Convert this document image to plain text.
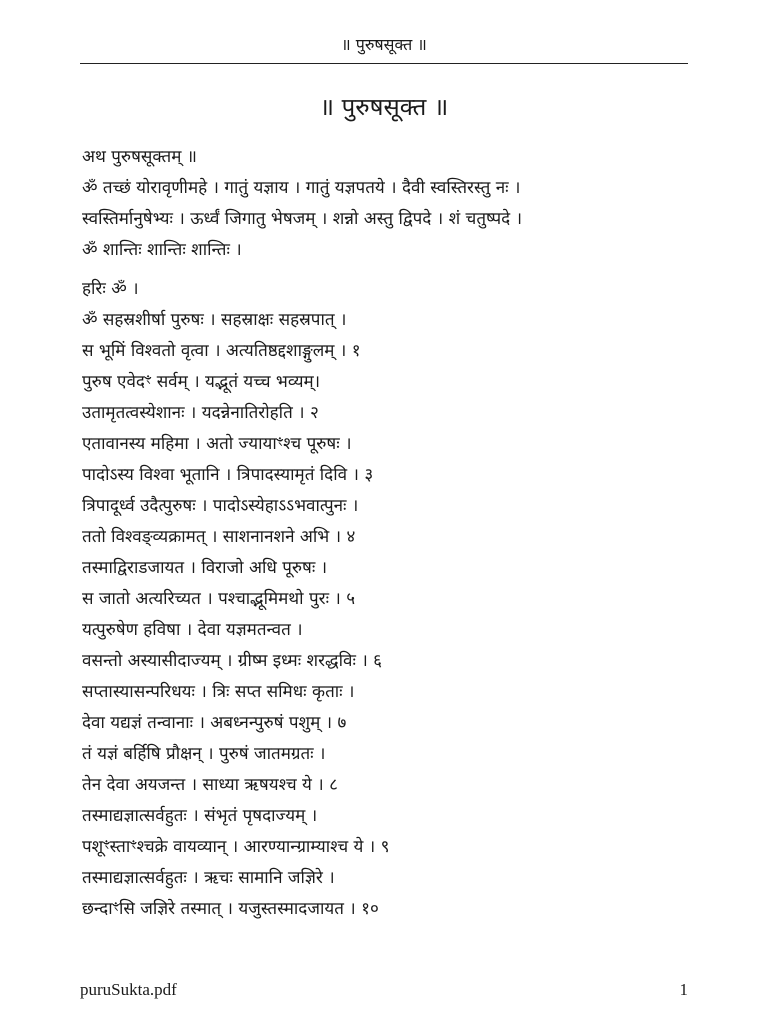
॥ पुरुषसूक्त ॥
॥ पुरुषसूक्त ॥
अथ पुरुषसूक्तम् ॥
ॐ तच्छं योरावृणीमहे । गातुं यज्ञाय । गातुं यज्ञपतये । दैवी स्वस्तिरस्तु नः ।
स्वस्तिर्मानुषेभ्यः । ऊर्ध्वं जिगातु भेषजम् । शन्नो अस्तु द्विपदे । शं चतुष्पदे ।
ॐ शान्तिः शान्तिः शान्तिः ।
हरिः ॐ ।
ॐ सहस्रशीर्षा पुरुषः । सहस्राक्षः सहस्रपात् ।
स भूमिं विश्वतो वृत्वा । अत्यतिष्ठद्दशाङ्गुलम् । १
पुरुष एवेदꣳ सर्वम् । यद्भूतं यच्च भव्यम्।
उतामृतत्वस्येशानः । यदन्नेनातिरोहति । २
एतावानस्य महिमा । अतो ज्यायाꣳश्च पूरुषः ।
पादोऽस्य विश्वा भूतानि । त्रिपादस्यामृतं दिवि । ३
त्रिपादूर्ध्व उदैत्पुरुषः । पादोऽस्येहाऽऽभवात्पुनः ।
ततो विश्वङ्व्यक्रामत् । साशनानशने अभि । ४
तस्माद्विराडजायत । विराजो अधि पूरुषः ।
स जातो अत्यरिच्यत । पश्चाद्भूमिमथो पुरः । ५
यत्पुरुषेण हविषा । देवा यज्ञमतन्वत ।
वसन्तो अस्यासीदाज्यम् । ग्रीष्म इध्मः शरद्धविः । ६
सप्तास्यासन्परिधयः । त्रिः सप्त समिधः कृताः ।
देवा यद्यज्ञं तन्वानाः । अबध्नन्पुरुषं पशुम् । ७
तं यज्ञं बर्हिषि प्रौक्षन् । पुरुषं जातमग्रतः ।
तेन देवा अयजन्त । साध्या ऋषयश्च ये । ८
तस्माद्यज्ञात्सर्वहुतः । संभृतं पृषदाज्यम् ।
पशूꣳस्ताꣳश्चक्रे वायव्यान् । आरण्यान्ग्राम्याश्च ये । ९
तस्माद्यज्ञात्सर्वहुतः । ऋचः सामानि जज्ञिरे ।
छन्दाꣳसि जज्ञिरे तस्मात् । यजुस्तस्मादजायत । १०
puruSukta.pdf	1
